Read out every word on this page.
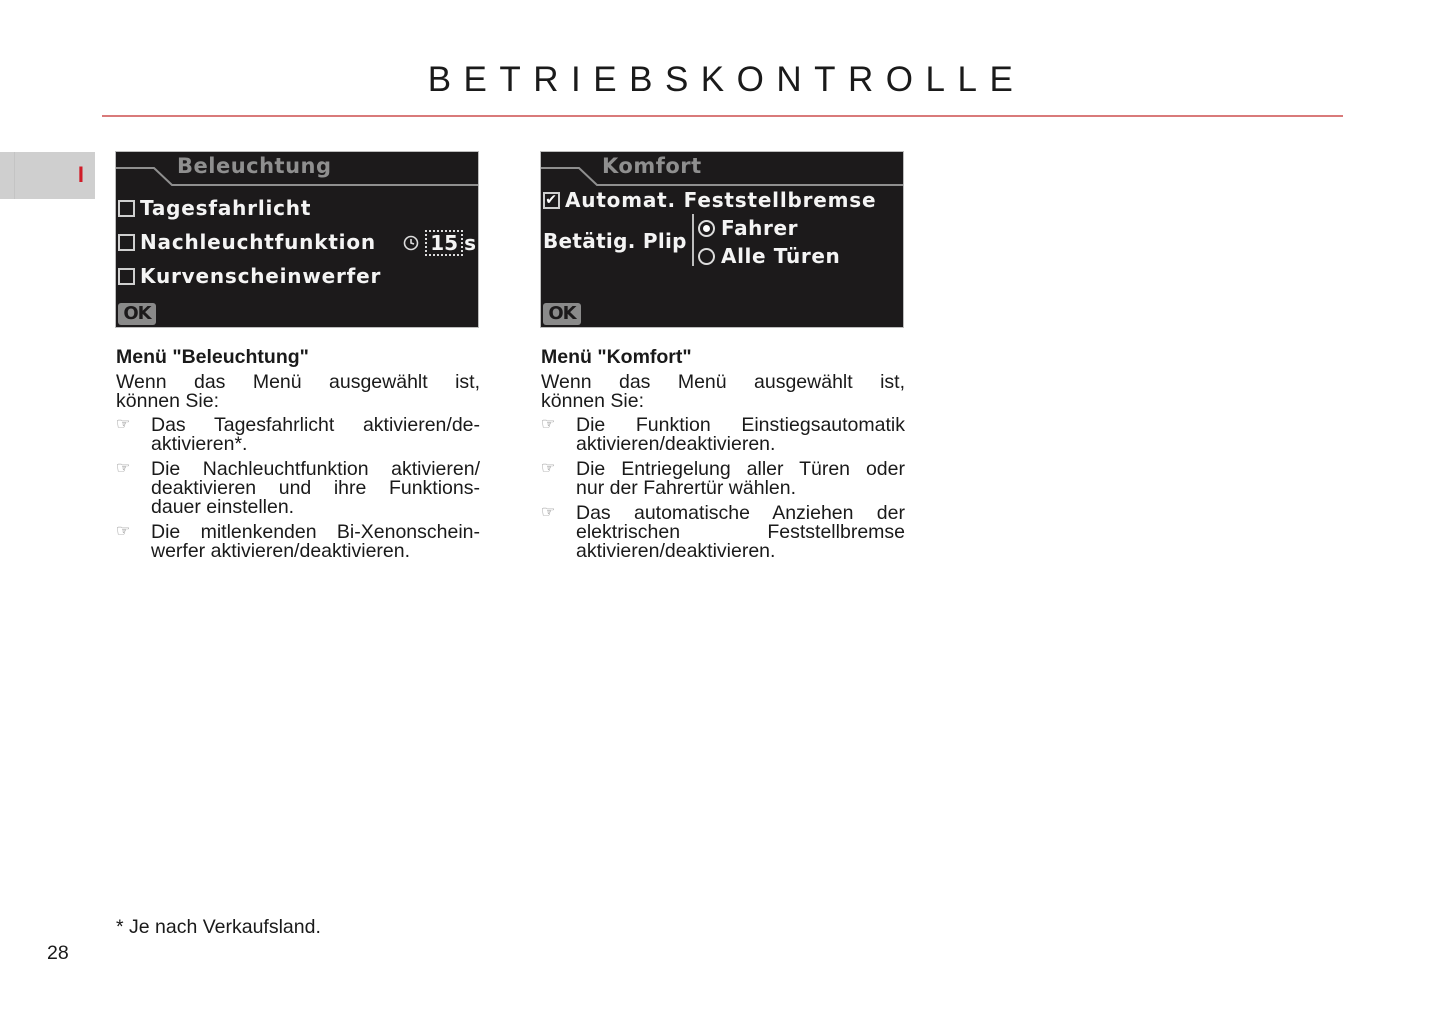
BETRIEBSKONTROLLE
I	Beleuchtung
Tagesfahrlicht
Nachleuchtfunktion	15 s
Kurvenscheinwerfer
OK
Komfort
✔ Automat. Feststellbremse
Betätig. Plip
Fahrer
Alle Türen
OK
Menü "Beleuchtung"

Wenn das Menü ausgewählt ist,
können Sie:

☞ Das Tagesfahrlicht aktivieren/de-
aktivieren*.
☞ Die Nachleuchtfunktion aktivieren/
deaktivieren und ihre Funktions-
dauer einstellen.
☞ Die mitlenkenden Bi-Xenonschein-
werfer aktivieren/deaktivieren.
Menü "Komfort"

Wenn das Menü ausgewählt ist,
können Sie:

☞ Die Funktion Einstiegsautomatik
aktivieren/deaktivieren.
☞ Die Entriegelung aller Türen oder
nur der Fahrertür wählen.
☞ Das automatische Anziehen der
elektrischen Feststellbremse
aktivieren/deaktivieren.
* Je nach Verkaufsland.
28
